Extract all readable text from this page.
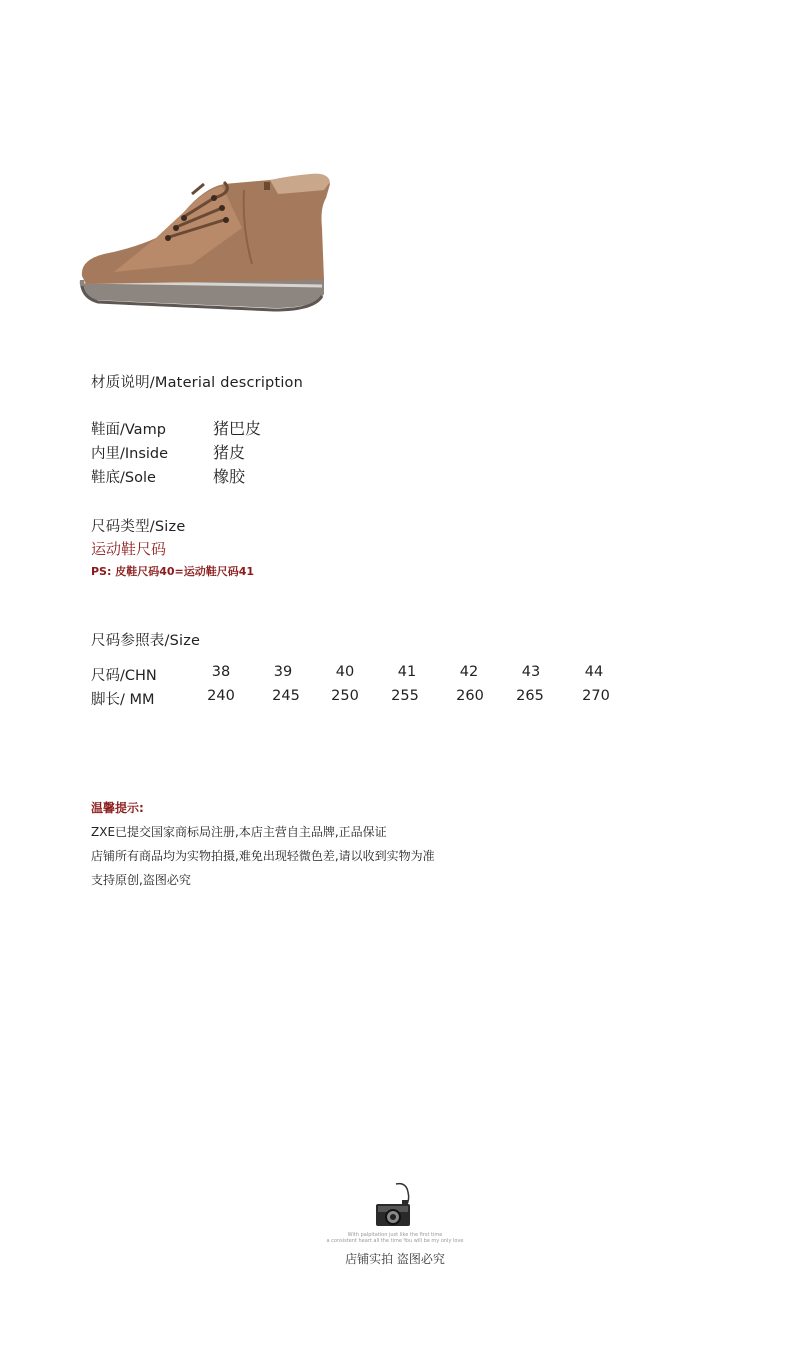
材质说明/Material description
鞋面/Vamp	猪巴皮
内里/Inside	猪皮
鞋底/Sole	橡胶
尺码类型/Size
运动鞋尺码
PS: 皮鞋尺码40=运动鞋尺码41
尺码参照表/Size
尺码/CHN	38	39	40	41	42	43	44
脚长/ MM	240	245	250	255	260	265	270
温馨提示:
ZXE已提交国家商标局注册,本店主营自主品牌,正品保证
店铺所有商品均为实物拍摄,难免出现轻微色差,请以收到实物为准
支持原创,盗图必究
With palpitation just like the first time
a consistent heart all the time You will be my only love
店铺实拍 盗图必究
